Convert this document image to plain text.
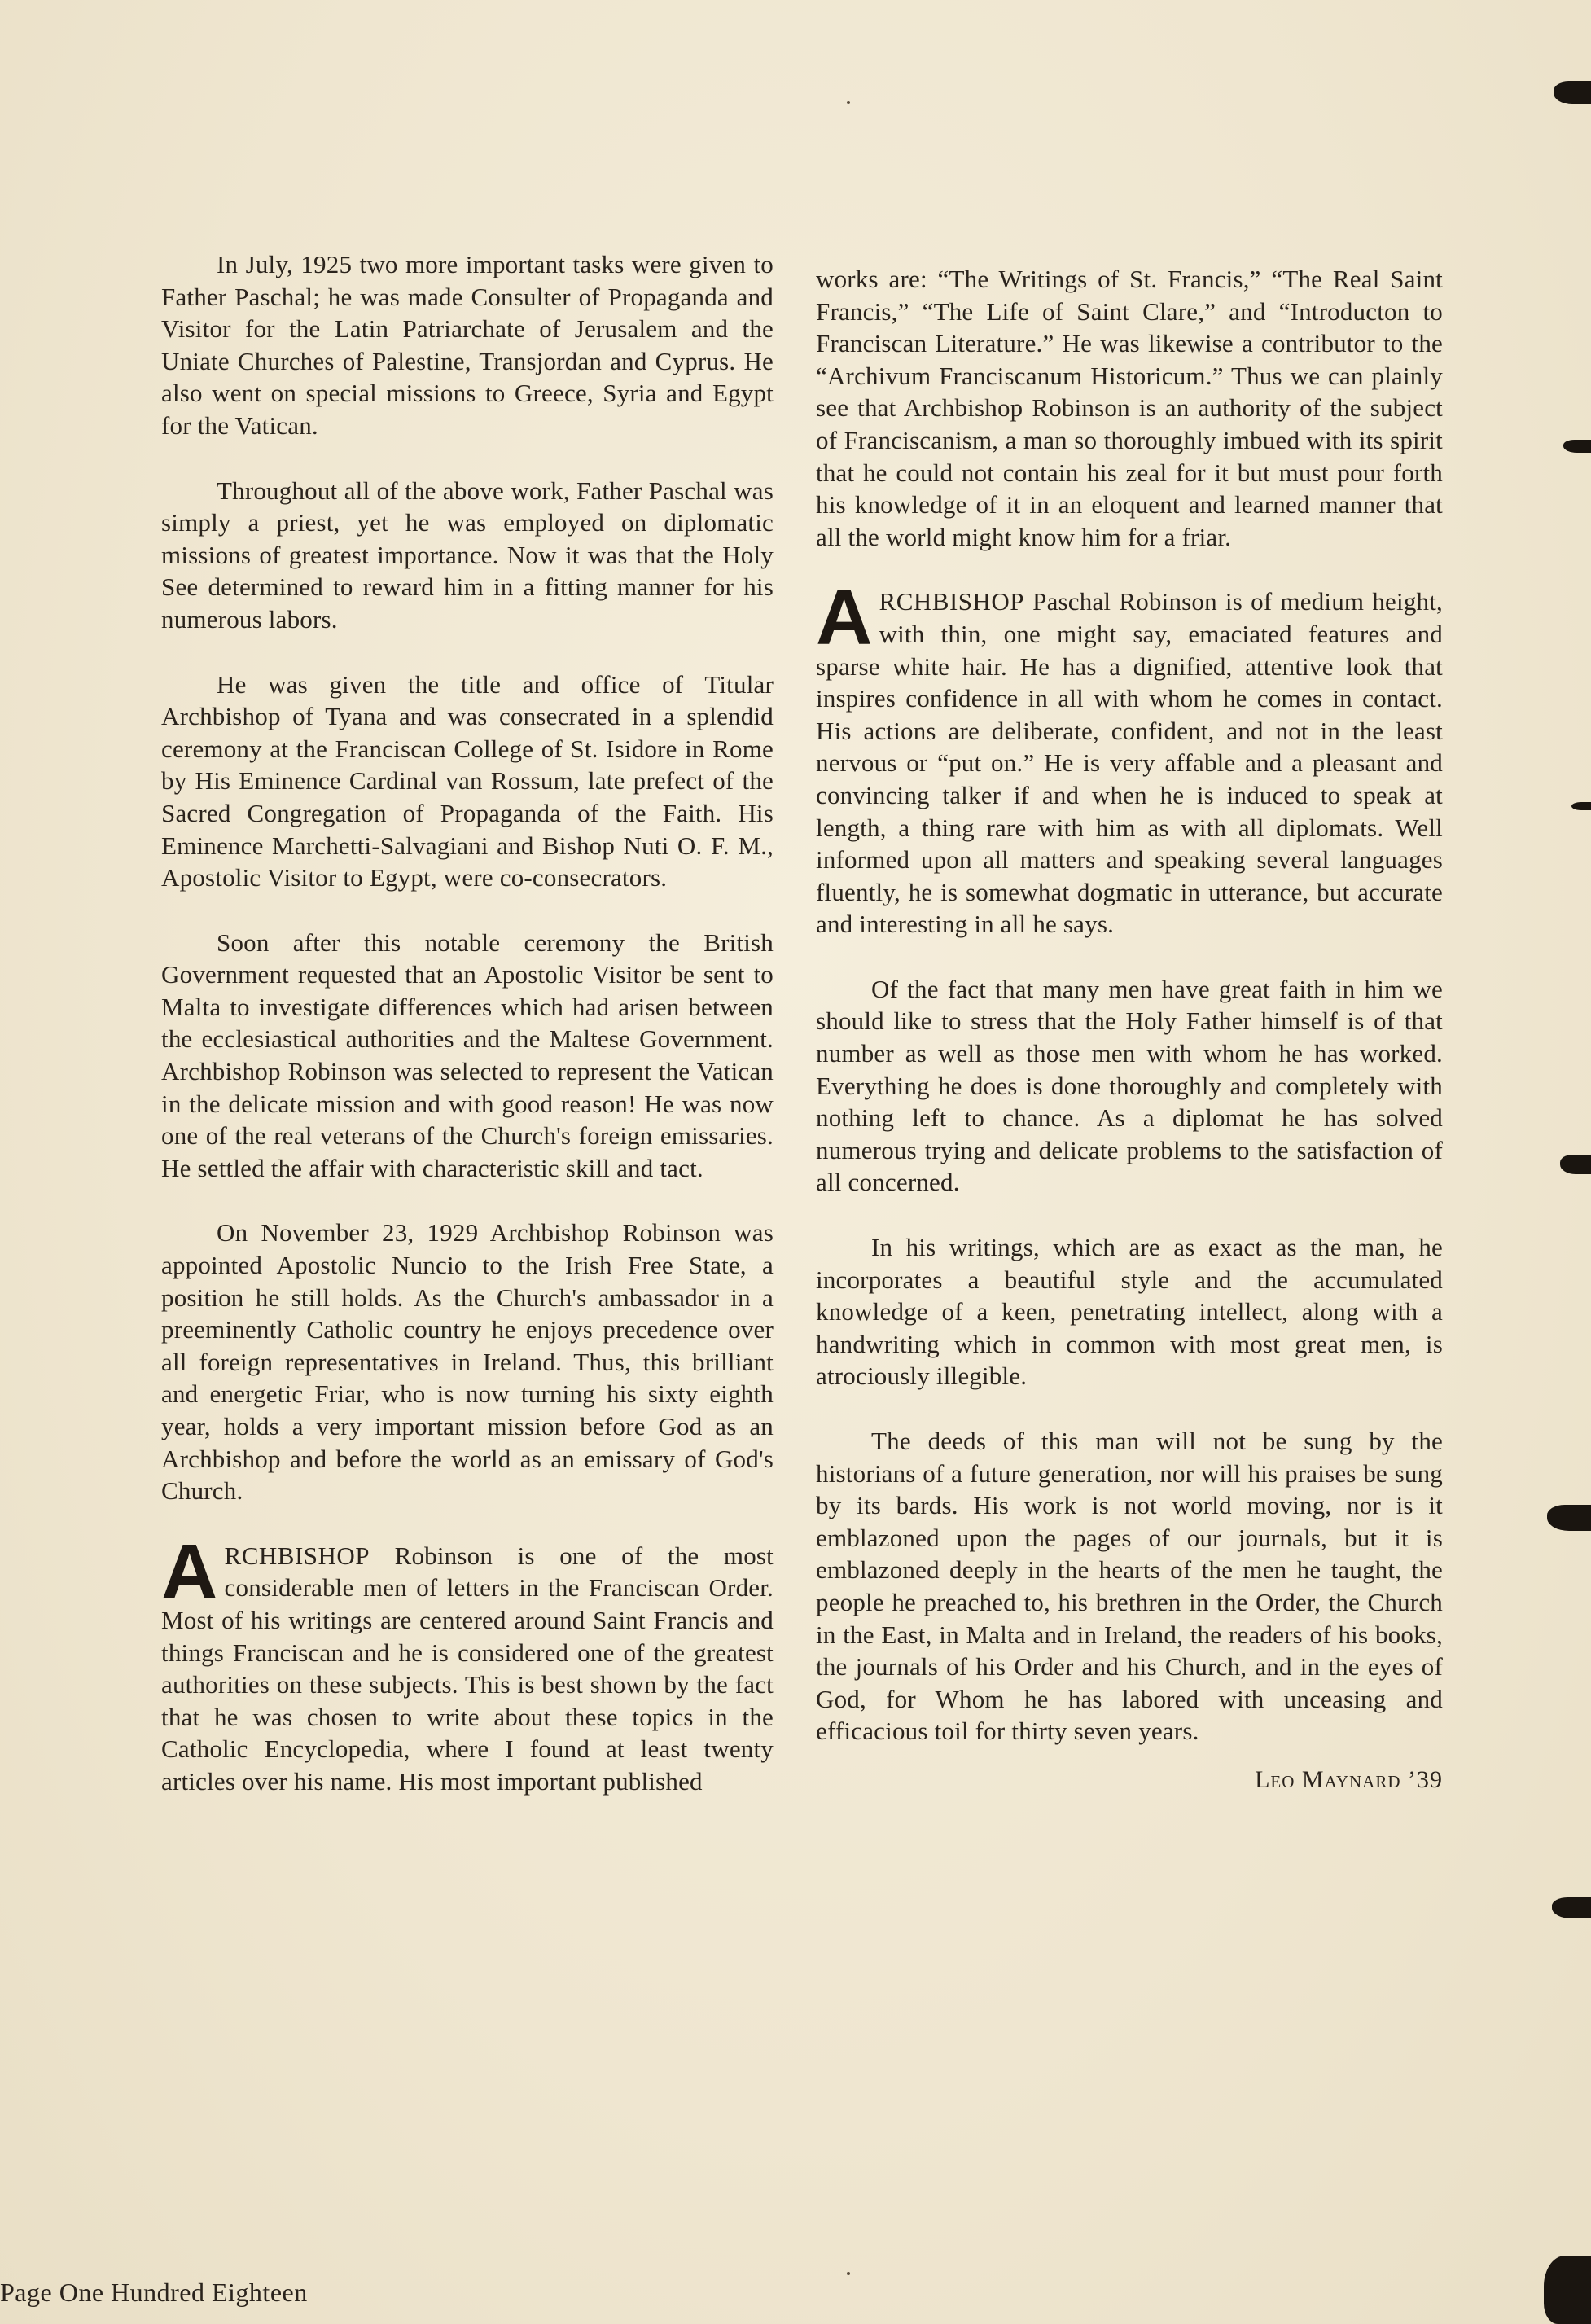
In July, 1925 two more important tasks were given to Father Paschal; he was made Consulter of Propaganda and Visitor for the Latin Patriarchate of Jerusalem and the Uniate Churches of Palestine, Transjordan and Cyprus. He also went on special missions to Greece, Syria and Egypt for the Vatican.

Throughout all of the above work, Father Paschal was simply a priest, yet he was employed on diplomatic missions of greatest importance. Now it was that the Holy See determined to reward him in a fitting manner for his numerous labors.

He was given the title and office of Titular Archbishop of Tyana and was consecrated in a splendid ceremony at the Franciscan College of St. Isidore in Rome by His Eminence Cardinal van Rossum, late prefect of the Sacred Congregation of Propaganda of the Faith. His Eminence Marchetti-Salvagiani and Bishop Nuti O. F. M., Apostolic Visitor to Egypt, were co-consecrators.

Soon after this notable ceremony the British Government requested that an Apostolic Visitor be sent to Malta to investigate differences which had arisen between the ecclesiastical authorities and the Maltese Government. Archbishop Robinson was selected to represent the Vatican in the delicate mission and with good reason! He was now one of the real veterans of the Church's foreign emissaries. He settled the affair with characteristic skill and tact.

On November 23, 1929 Archbishop Robinson was appointed Apostolic Nuncio to the Irish Free State, a position he still holds. As the Church's ambassador in a preeminently Catholic country he enjoys precedence over all foreign representatives in Ireland. Thus, this brilliant and energetic Friar, who is now turning his sixty eighth year, holds a very important mission before God as an Archbishop and before the world as an emissary of God's Church.

ARCHBISHOP Robinson is one of the most considerable men of letters in the Franciscan Order. Most of his writings are centered around Saint Francis and things Franciscan and he is considered one of the greatest authorities on these subjects. This is best shown by the fact that he was chosen to write about these topics in the Catholic Encyclopedia, where I found at least twenty articles over his name. His most important published

works are: “The Writings of St. Francis,” “The Real Saint Francis,” “The Life of Saint Clare,” and “Introducton to Franciscan Literature.” He was likewise a contributor to the “Archivum Franciscanum Historicum.” Thus we can plainly see that Archbishop Robinson is an authority of the subject of Franciscanism, a man so thoroughly imbued with its spirit that he could not contain his zeal for it but must pour forth his knowledge of it in an eloquent and learned manner that all the world might know him for a friar.

ARCHBISHOP Paschal Robinson is of medium height, with thin, one might say, emaciated features and sparse white hair. He has a dignified, attentive look that inspires confidence in all with whom he comes in contact. His actions are deliberate, confident, and not in the least nervous or “put on.” He is very affable and a pleasant and convincing talker if and when he is induced to speak at length, a thing rare with him as with all diplomats. Well informed upon all matters and speaking several languages fluently, he is somewhat dogmatic in utterance, but accurate and interesting in all he says.

Of the fact that many men have great faith in him we should like to stress that the Holy Father himself is of that number as well as those men with whom he has worked. Everything he does is done thoroughly and completely with nothing left to chance. As a diplomat he has solved numerous trying and delicate problems to the satisfaction of all concerned.

In his writings, which are as exact as the man, he incorporates a beautiful style and the accumulated knowledge of a keen, penetrating intellect, along with a handwriting which in common with most great men, is atrociously illegible.

The deeds of this man will not be sung by the historians of a future generation, nor will his praises be sung by its bards. His work is not world moving, nor is it emblazoned upon the pages of our journals, but it is emblazoned deeply in the hearts of the men he taught, the people he preached to, his brethren in the Order, the Church in the East, in Malta and in Ireland, the readers of his books, the journals of his Order and his Church, and in the eyes of God, for Whom he has labored with unceasing and efficacious toil for thirty seven years.

Leo Maynard ’39
Page One Hundred Eighteen
